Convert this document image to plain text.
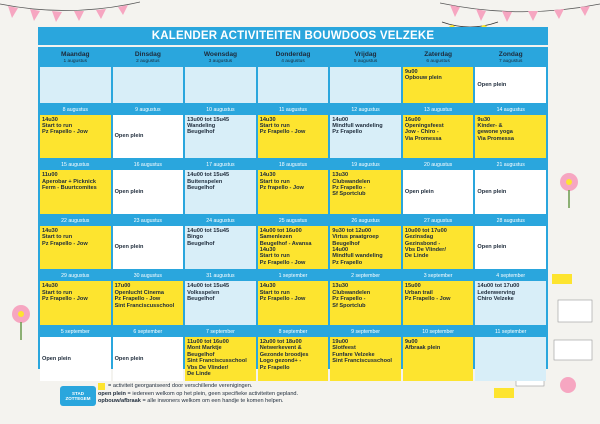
KALENDER ACTIVITEITEN BOUWDOOS VELZEKE
Maandag
1 augustus
Dinsdag
2 augustus
Woensdag
3 augustus
Donderdag
4 augustus
Vrijdag
5 augustus
Zaterdag
6 augustus
9u00
Opbouw plein
Zondag
7 augustus
Open plein
8 augustus
14u30
Start to run
Pz Frapello - Jow
9 augustus
Open plein
10 augustus
13u00 tot 15u45
Wandeling
Beugelhof
11 augustus
14u30
Start to run
Pz Frapello - Jow
12 augustus
14u00
Mindfull wandeling
Pz Frapello
13 augustus
16u00
Openingsfeest
Jow - Chiro -
Via Promessa
14 augustus
9u30
Kinder- &
gewone yoga
Via Promessa
15 augustus
11u00
Aperobar + Picknick
Ferm - Buurtcomites
16 augustus
Open plein
17 augustus
14u00 tot 15u45
Buitenspelen
Beugelhof
18 augustus
14u30
Start to run
Pz frapello - Jow
19 augustus
13u30
Clubwandelen
Pz Frapello -
Sf Sportclub
20 augustus
Open plein
21 augustus
Open plein
22 augustus
14u30
Start to run
Pz Frapello - Jow
23 augustus
Open plein
24 augustus
14u00 tot 15u45
Bingo
Beugelhof
25 augustus
14u00 tot 16u00
Samenlezen
Beugelhof - Avansa
14u30
Start to run
Pz Frapello - Jow
26 augustus
9u30 tot 12u00
Virtus praatgroep
Beugelhof
14u00
Mindfull wandeling
Pz Frapello
27 augustus
10u00 tot 17u00
Gezinsdag
Gezinsbond -
Vbs De Vlinder/
De Linde
28 augustus
Open plein
29 augustus
14u30
Start to run
Pz Frapello - Jow
30 augustus
17u00
Openlucht Cinema
Pz Frapello - Jow
Sint Franciscusschool
31 augustus
14u00 tot 15u45
Volksspelen
Beugelhof
1 september
14u30
Start to run
Pz Frapello - Jow
2 september
13u30
Clubwandelen
Pz Frapello -
Sf Sportclub
3 september
15u00
Urban trail
Pz Frapello - Jow
4 september
14u00 tot 17u00
Ledenwerving
Chiro Velzeke
5 september
Open plein
6 september
Open plein
7 september
11u00 tot 16u00
Mont Marktje
Beugelhof
Sint Franciscusschool
Vbs De Vlinder/
De Linde
8 september
12u00 tot 18u00
Netwerkevent &
Gezonde broodjes
Logo gezond+ -
Pz Frapello
9 september
19u00
Slotfeest
Funfare Velzeke
Sint Franciscusschool
10 september
9u00
Afbraak plein
11 september
STAD
ZOTTEGEM
= activiteit georganiseerd door verschillende verenigingen.
open plein
= iedereen welkom op het plein, geen specifieke activiteiten gepland.
opbouw/afbraak
= alle inwoners welkom om een handje te komen helpen.
